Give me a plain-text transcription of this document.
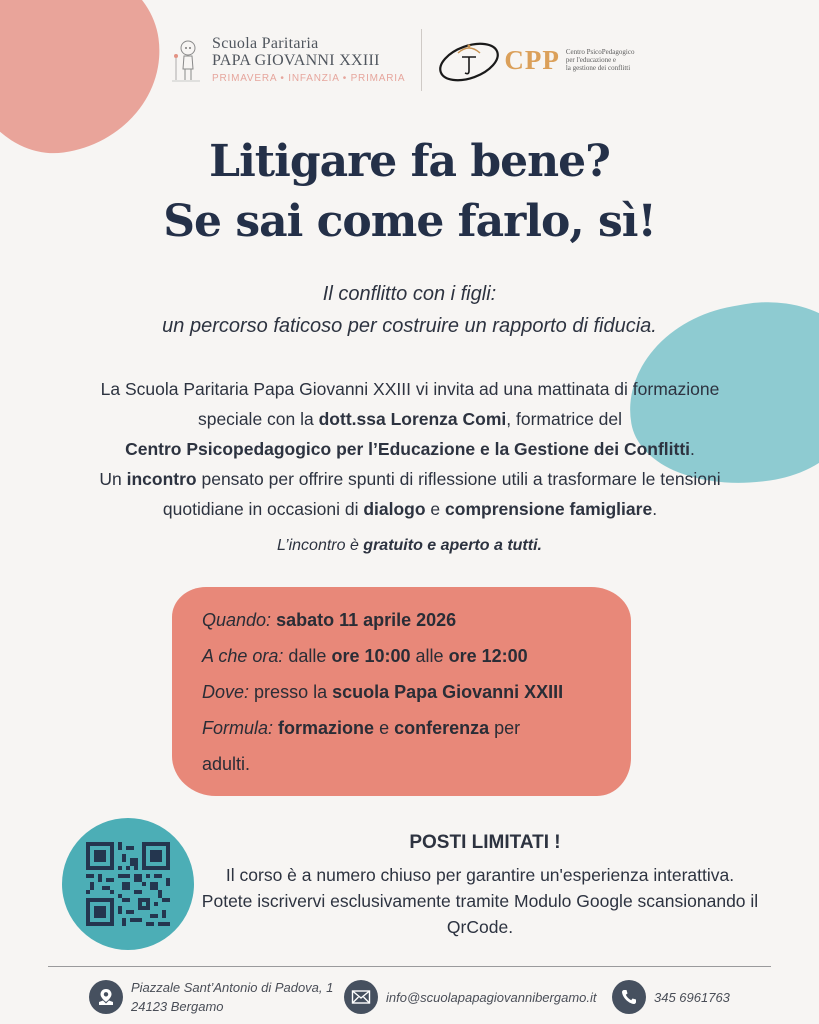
Scuola Paritaria
PAPA GIOVANNI XXIII
PRIMAVERA • INFANZIA • PRIMARIA
CPP Centro PsicoPedagogico
per l'educazione e
la gestione dei conflitti
Litigare fa bene?
Se sai come farlo, sì!
Il conflitto con i figli:
un percorso faticoso per costruire un rapporto di fiducia.
La Scuola Paritaria Papa Giovanni XXIII vi invita ad una mattinata di formazione speciale con la dott.ssa Lorenza Comi, formatrice del
Centro Psicopedagogico per l’Educazione e la Gestione dei Conflitti.
Un incontro pensato per offrire spunti di riflessione utili a trasformare le tensioni quotidiane in occasioni di dialogo e comprensione famigliare.
L’incontro è gratuito e aperto a tutti.
Quando: sabato 11 aprile 2026
A che ora: dalle ore 10:00 alle ore 12:00
Dove: presso la scuola Papa Giovanni XXIII
Formula: formazione e conferenza per
adulti.
POSTI LIMITATI !
Il corso è a numero chiuso per garantire un'esperienza interattiva. Potete iscrivervi esclusivamente tramite Modulo Google scansionando il QrCode.
Piazzale Sant’Antonio di Padova, 1
24123 Bergamo
info@scuolapapagiovannibergamo.it	345 6961763
